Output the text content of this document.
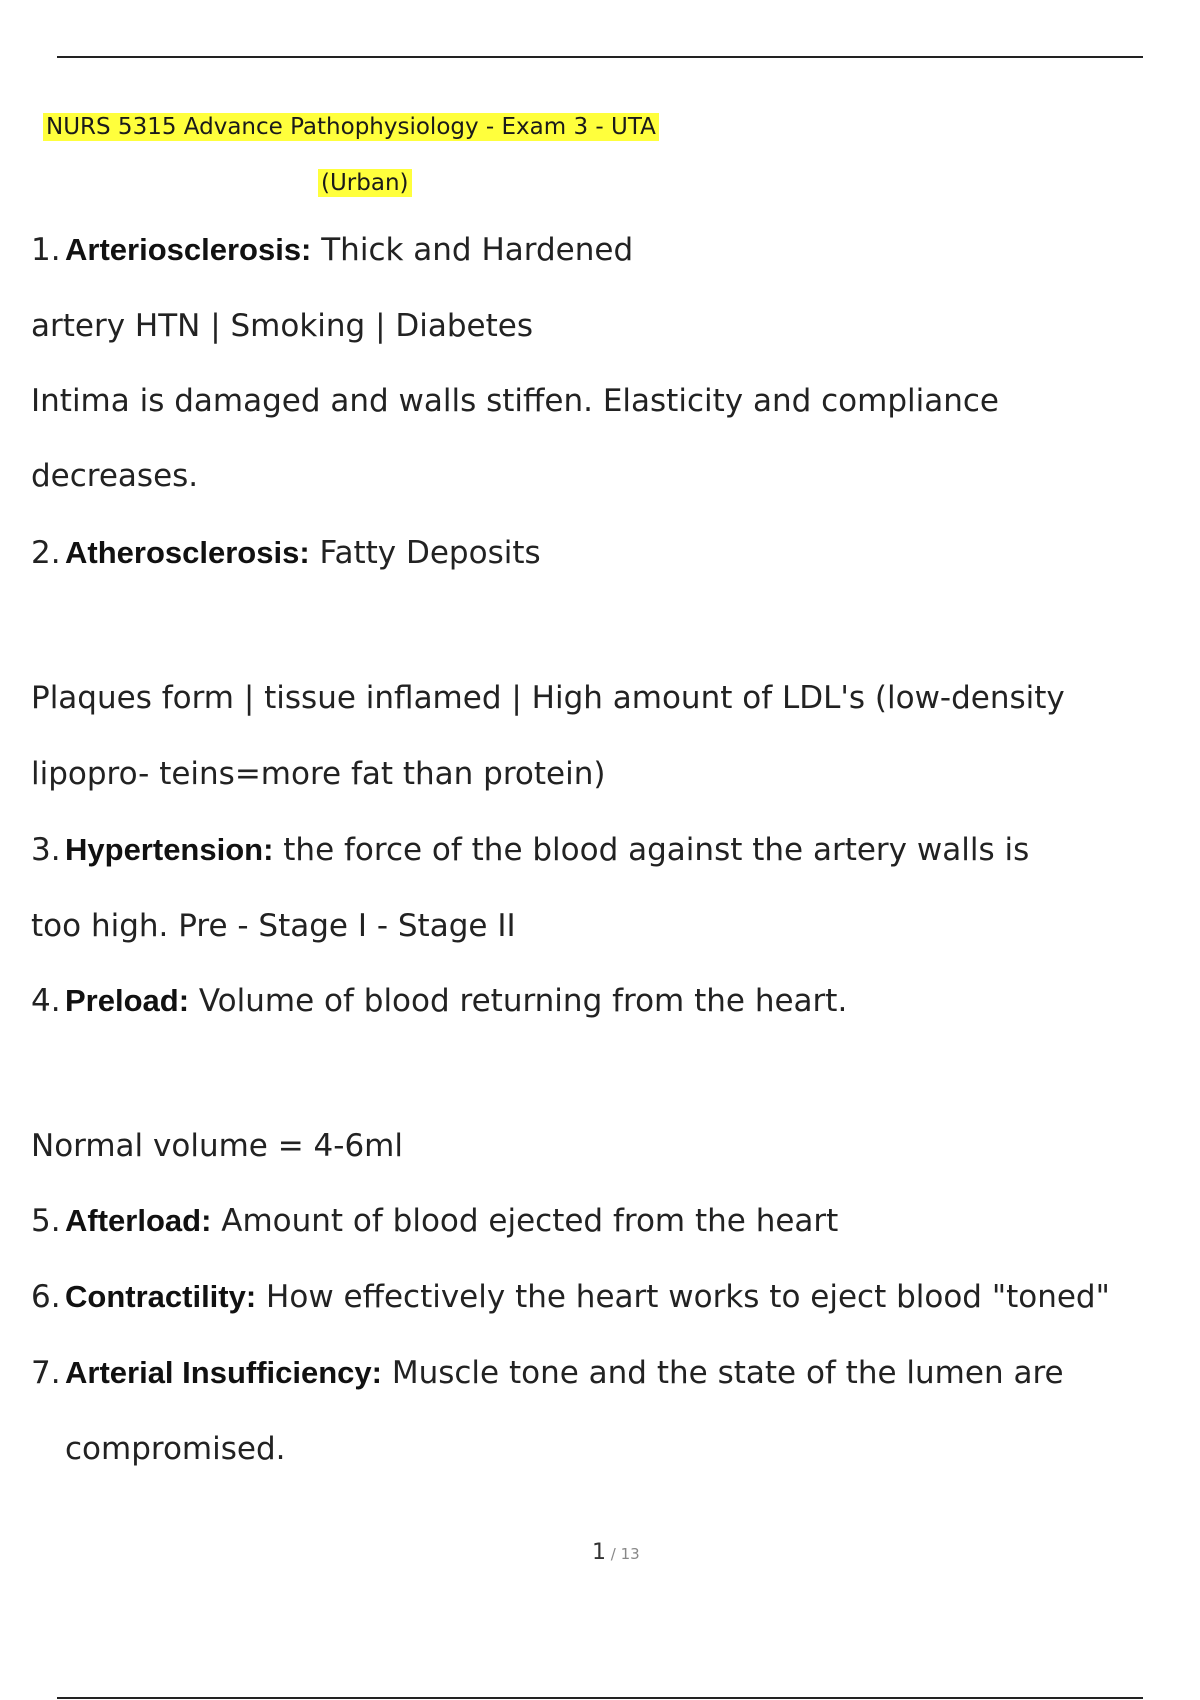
NURS 5315 Advance Pathophysiology - Exam 3 - UTA
(Urban)
1. Arteriosclerosis: Thick and Hardened
artery HTN | Smoking | Diabetes
Intima is damaged and walls stiffen. Elasticity and compliance
decreases.
2. Atherosclerosis: Fatty Deposits
Plaques form | tissue inflamed | High amount of LDL's (low-density
lipopro- teins=more fat than protein)
3. Hypertension: the force of the blood against the artery walls is
too high. Pre - Stage I - Stage II
4. Preload: Volume of blood returning from the heart.
Normal volume = 4-6ml
5. Afterload: Amount of blood ejected from the heart
6. Contractility: How effectively the heart works to eject blood "toned"
7. Arterial Insufficiency: Muscle tone and the state of the lumen are
compromised.
1 / 13
